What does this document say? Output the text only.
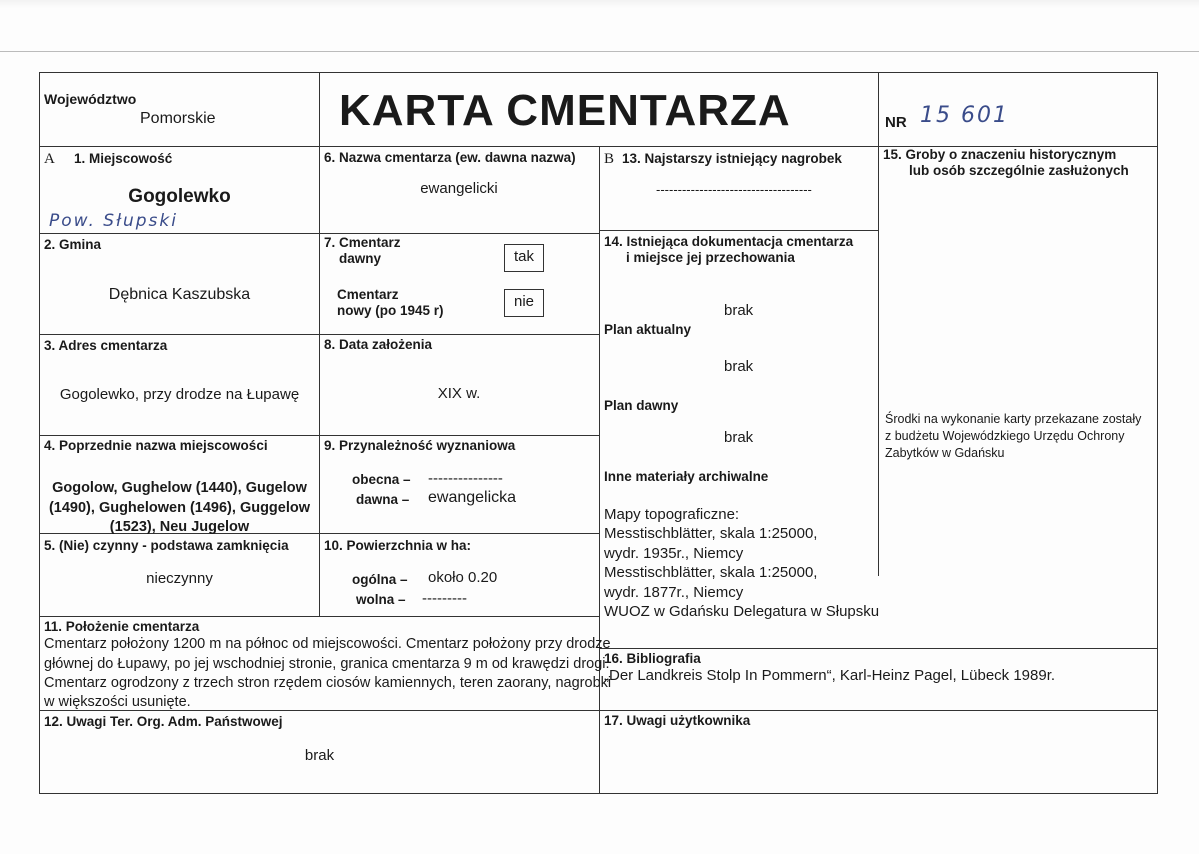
Województwo
Pomorskie	KARTA CMENTARZA	NR 15 601
A 1. Miejscowość
Gogolewko
Pow. Słupski
2. Gmina
Dębnica Kaszubska
3. Adres cmentarza
Gogolewko, przy drodze na Łupawę
4. Poprzednie nazwa miejscowości
Gogolow, Gughelow (1440), Gugelow
(1490), Gughelowen (1496), Guggelow
(1523), Neu Jugelow
5. (Nie) czynny - podstawa zamknięcia
nieczynny
6. Nazwa cmentarza (ew. dawna nazwa)
ewangelicki
7. Cmentarz
dawny	tak
Cmentarz
nowy (po 1945 r)
nie
8. Data założenia
XIX w.
9. Przynależność wyznaniowa
obecna – ---------------
dawna – ewangelicka
10. Powierzchnia w ha:
ogólna – około 0.20
wolna – ---------
B 13. Najstarszy istniejący nagrobek
------------------------------------
14. Istniejąca dokumentacja cmentarza
i miejsce jej przechowania
brak
Plan aktualny
brak
Plan dawny
brak
Inne materiały archiwalne
Mapy topograficzne:
Messtischblätter, skala 1:25000,
wydr. 1935r., Niemcy
Messtischblätter, skala 1:25000,
wydr. 1877r., Niemcy
WUOZ w Gdańsku Delegatura w Słupsku
15. Groby o znaczeniu historycznym
lub osób szczególnie zasłużonych
Środki na wykonanie karty przekazane zostały
z budżetu Wojewódzkiego Urzędu Ochrony
Zabytków w Gdańsku
11. Położenie cmentarza
Cmentarz położony 1200 m na północ od miejscowości. Cmentarz położony przy drodze
głównej do Łupawy, po jej wschodniej stronie, granica cmentarza 9 m od krawędzi drogi.
Cmentarz ogrodzony z trzech stron rzędem ciosów kamiennych, teren zaorany, nagrobki
w większości usunięte.
12. Uwagi Ter. Org. Adm. Państwowej
brak
16. Bibliografia
„Der Landkreis Stolp In Pommern“, Karl-Heinz Pagel, Lübeck 1989r.
17. Uwagi użytkownika
